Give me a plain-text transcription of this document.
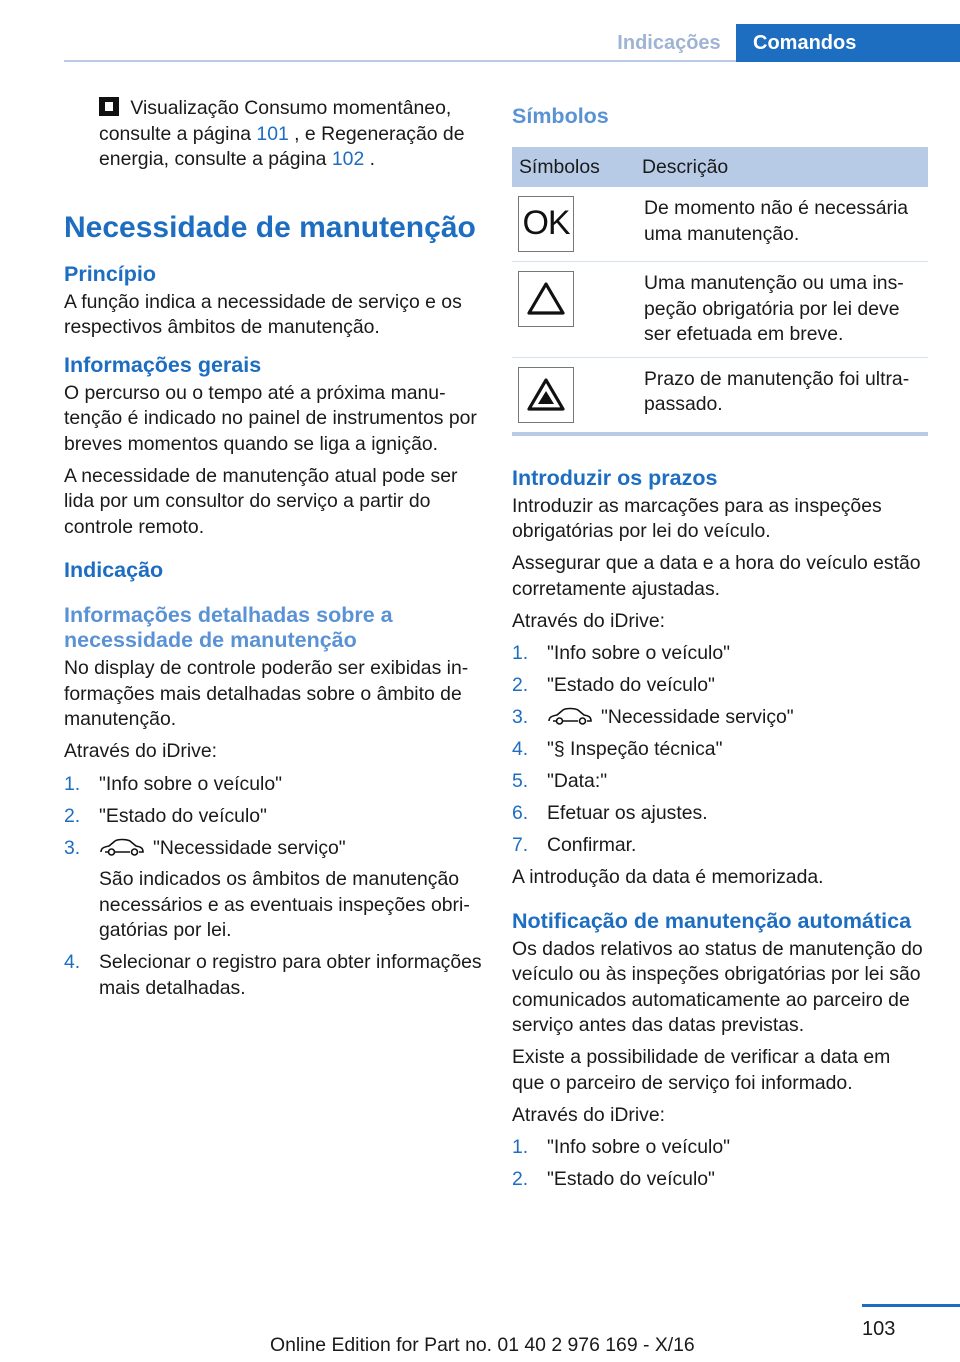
Indicações	Comandos

Visualização Consumo momentâneo, consulte a página 101 , e Regeneração de energia, consulte a página 102 .

Necessidade de manutenção
Princípio

A função indica a necessidade de serviço e os respectivos âmbitos de manutenção.

Informações gerais

O percurso ou o tempo até a próxima manutenção é indicado no painel de instrumentos por breves momentos quando se liga a ignição.

A necessidade de manutenção atual pode ser lida por um consultor do serviço a partir do controle remoto.

Indicação
Informações detalhadas sobre a necessidade de manutenção

No display de controle poderão ser exibidas informações mais detalhadas sobre o âmbito de manutenção.

Através do iDrive:

1. "Info sobre o veículo"
2. "Estado do veículo"
3.	"Necessidade serviço"

São indicados os âmbitos de manutenção necessários e as eventuais inspeções obrigatórias por lei.

4. Selecionar o registro para obter informações mais detalhadas.
Símbolos
Símbolos	Descrição

OK	De momento não é necessária uma manutenção.

	Uma manutenção ou uma inspeção obrigatória por lei deve ser efetuada em breve.

	Prazo de manutenção foi ultrapassado.
Introduzir os prazos

Introduzir as marcações para as inspeções obrigatórias por lei do veículo.

Assegurar que a data e a hora do veículo estão corretamente ajustadas.

Através do iDrive:

1. "Info sobre o veículo"
2. "Estado do veículo"
3.	"Necessidade serviço"
4. "§ Inspeção técnica"
5. "Data:"
6. Efetuar os ajustes.
7. Confirmar.

A introdução da data é memorizada.

Notificação de manutenção automática

Os dados relativos ao status de manutenção do veículo ou às inspeções obrigatórias por lei são comunicados automaticamente ao parceiro de serviço antes das datas previstas.

Existe a possibilidade de verificar a data em que o parceiro de serviço foi informado.

Através do iDrive:

1. "Info sobre o veículo"
2. "Estado do veículo"
103
Online Edition for Part no. 01 40 2 976 169 - X/16
